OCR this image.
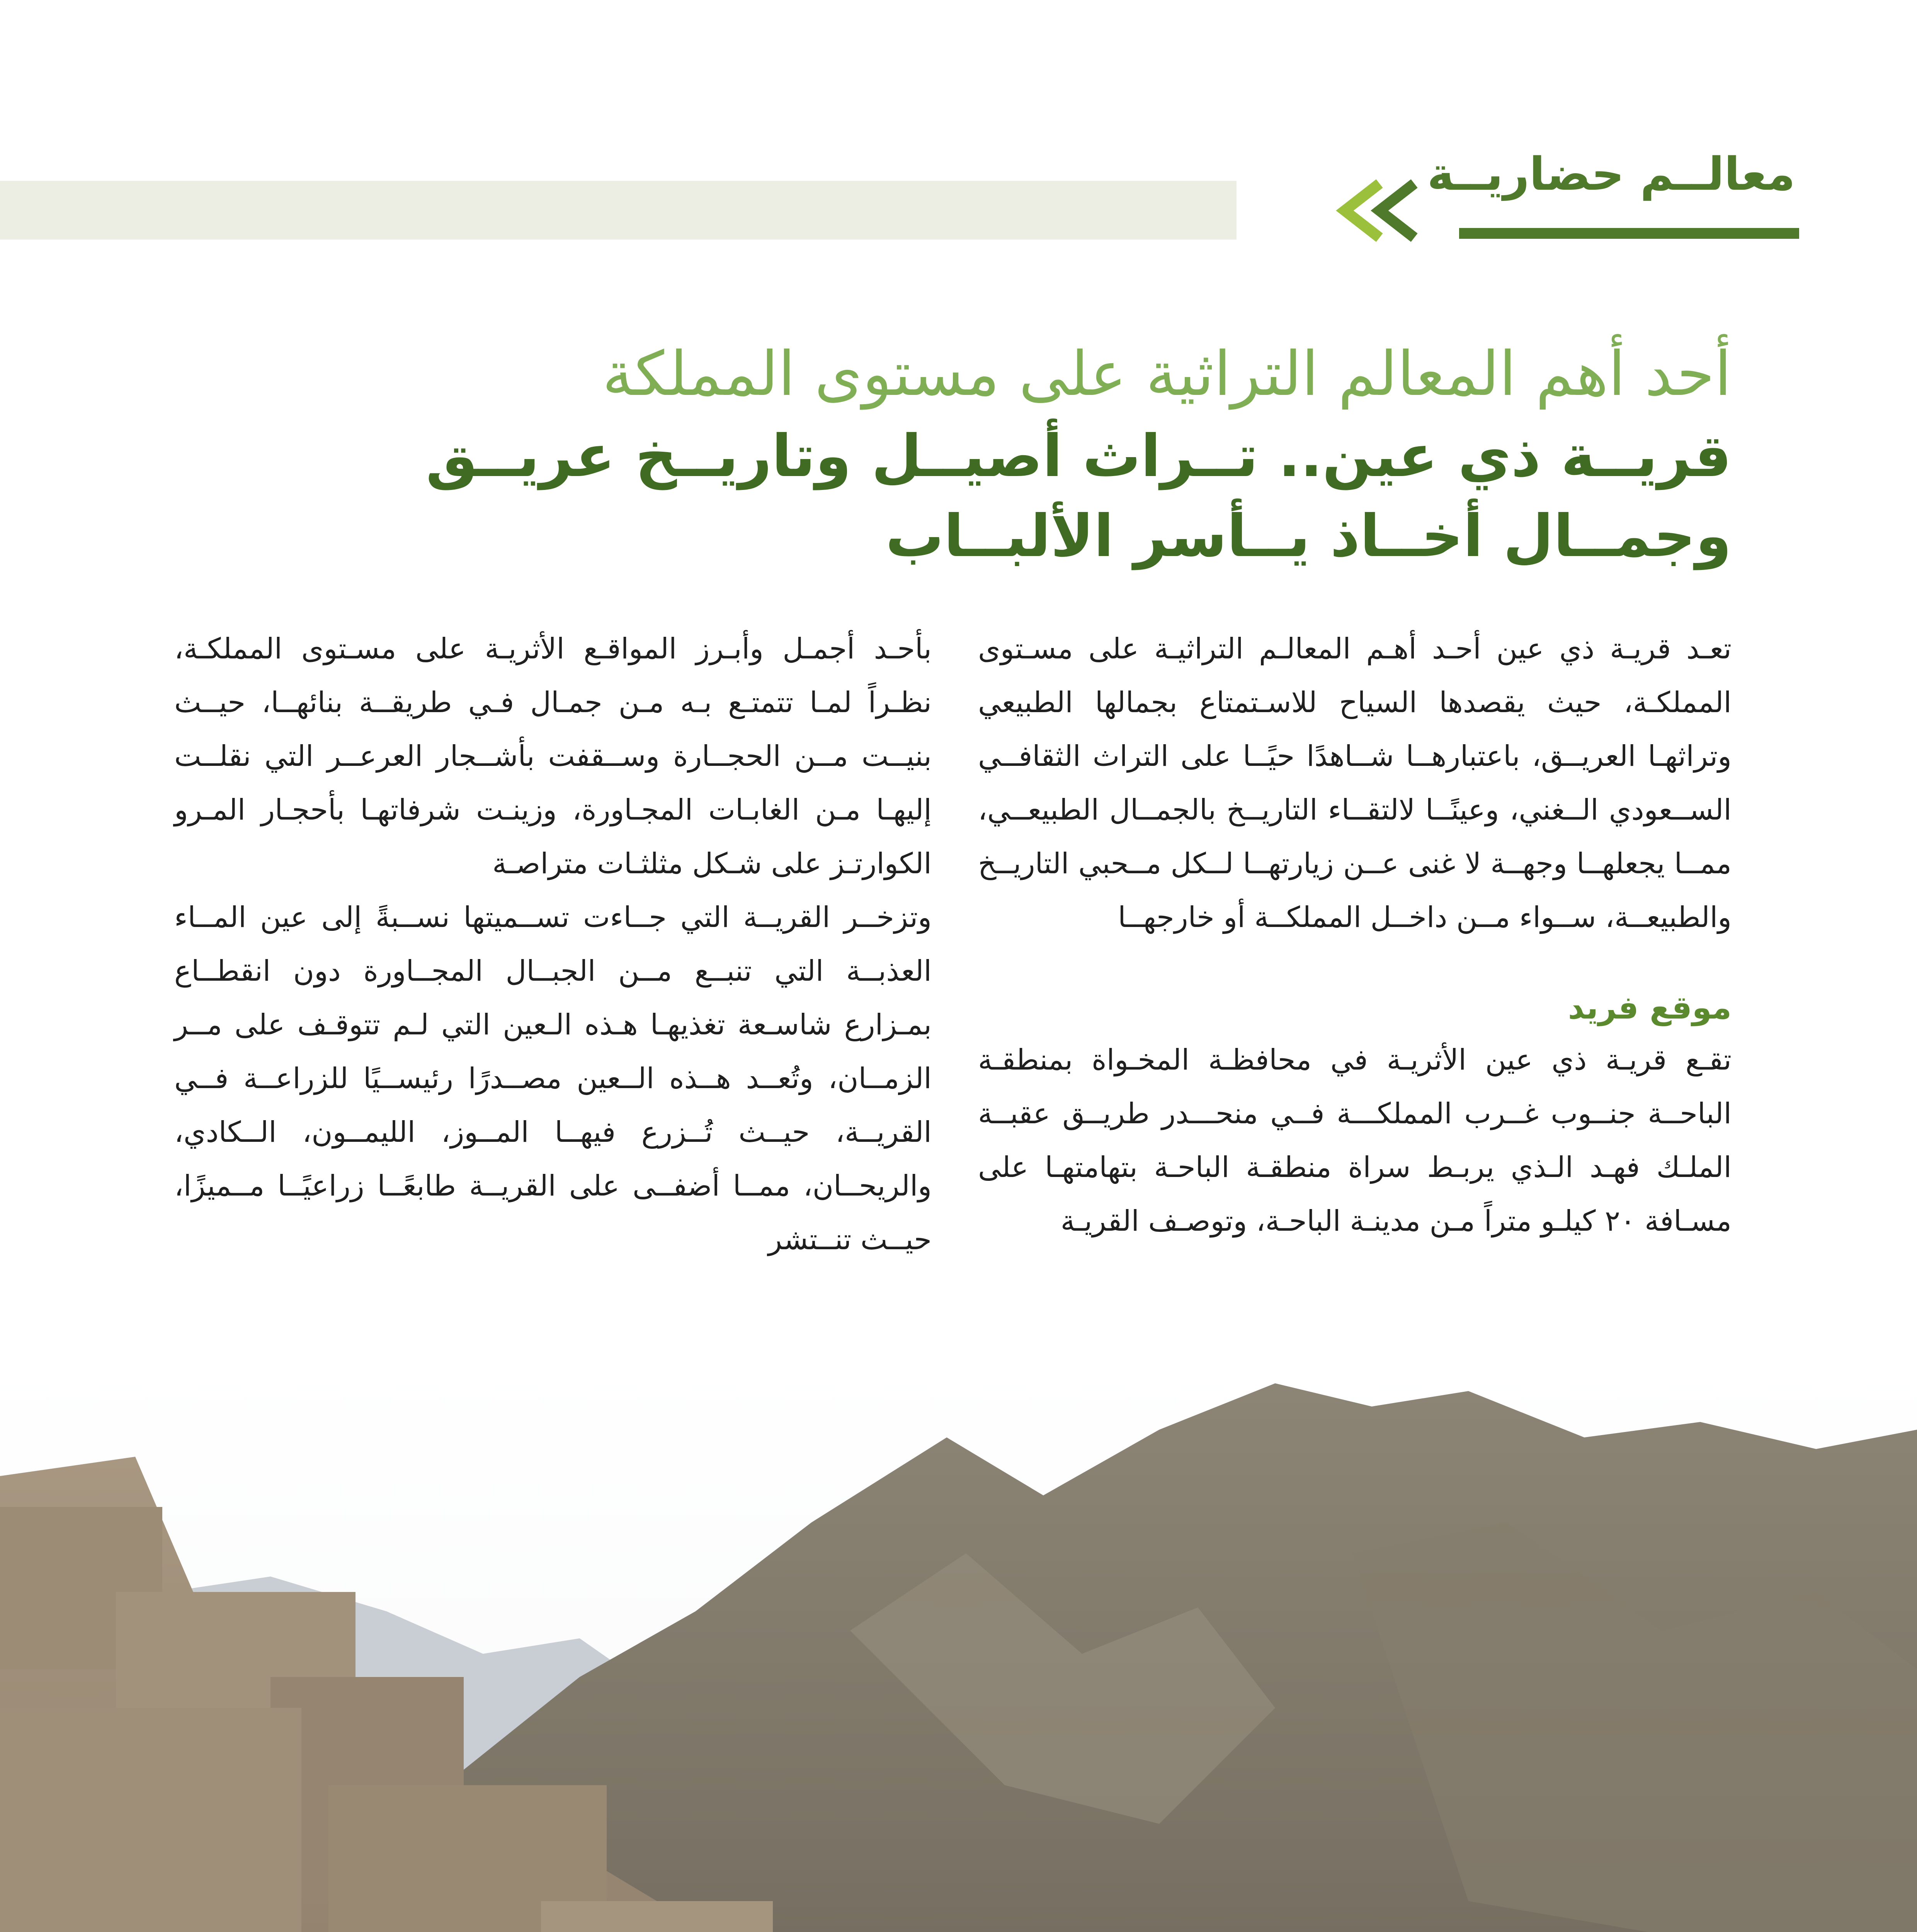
معالــم حضاريــة
أحد أهم المعالم التراثية على مستوى المملكة
قريــة ذي عين.. تــراث أصيــل وتاريــخ عريــق وجمــال أخــاذ يــأسر الألبــاب

تعـد قريـة ذي عين أحـد أهـم المعالـم التراثيـة على مسـتوى المملكـة، حيث يقصدها السياح للاسـتمتاع بجمالها الطبيعي وتراثهـا العريــق، باعتبارهــا شــاهدًا حيًــا على التراث الثقافــي الســعودي الــغني، وعينًــا لالتقــاء التاريــخ بالجمــال الطبيعــي، ممــا يجعلهــا وجهــة لا غنى عــن زيارتهــا لــكل مــحبي التاريــخ والطبيعــة، ســواء مــن داخــل المملكــة أو خارجهــا

موقع فريد

تقـع قريـة ذي عين الأثريـة في محافظـة المخـواة بمنطقـة الباحــة جنــوب غــرب المملكـــة فــي منحـــدر طريــق عقبــة الملـك فهـد الـذي يربـط سراة منطقـة الباحـة بتهامتهـا على مسـافة ٢٠ كيلـو متراً مـن مدينـة الباحـة، وتوصـف القريـة

بأحـد أجمـل وأبـرز المواقـع الأثريـة على مسـتوى المملكـة، نظـراً لمـا تتمتـع بـه مـن جمـال فـي طريقــة بنائهــا، حيــث بنيــت مــن الحجــارة وســقفت بأشــجار العرعــر التي نقلــت إليهـا مـن الغابـات المجـاورة، وزينـت شرفاتهـا بأحجـار المـرو الكوارتـز على شـكل مثلثـات متراصـة

وتزخــر القريــة التي جــاءت تســميتها نســبةً إلى عين المــاء العذبــة التي تنبــع مــن الجبــال المجــاورة دون انقطــاع بمـزارع شاسـعة تغذيهـا هـذه الـعين التي لـم تتوقـف على مــر الزمــان، وتُعــد هــذه الــعين مصــدرًا رئيســيًا للزراعــة فــي القريــة، حيــث تُــزرع فيهــا المــوز، الليمــون، الــكادي، والريحــان، ممــا أضفــى على القريــة طابعًــا زراعيًــا مــميزًا، حيــث تنــتشر
